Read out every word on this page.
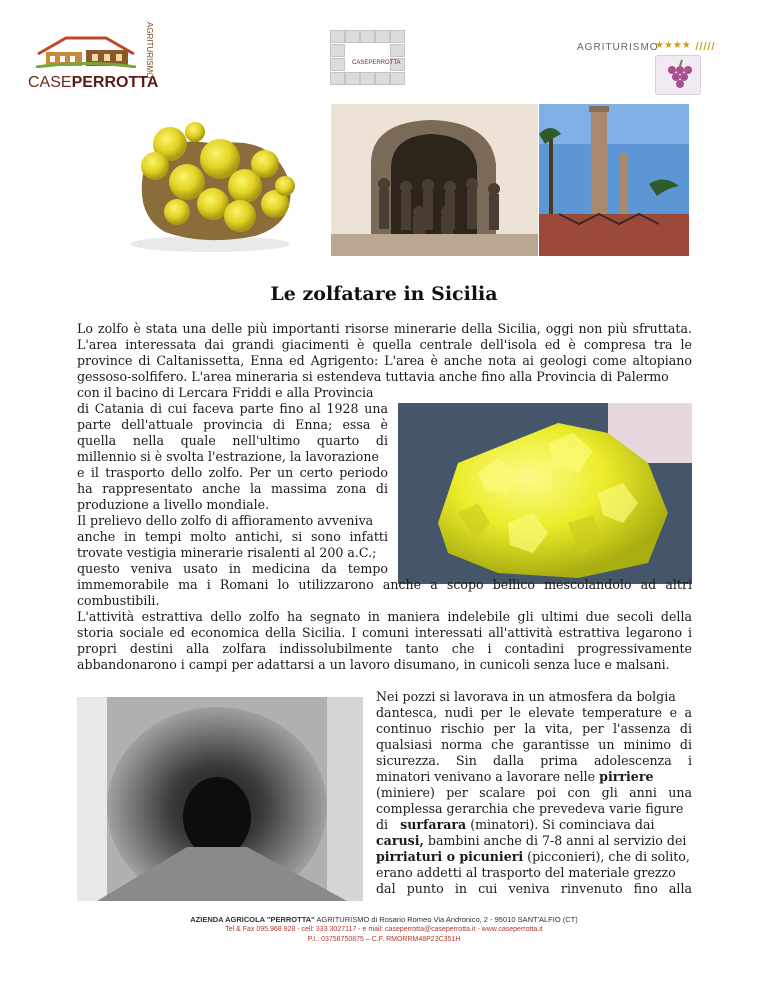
CASEPERROTTA
AGRITURISMO	CASEPERROTTA
AGRITURISMO
★★★★
Le zolfatare in Sicilia
Lo zolfo è stata una delle più importanti risorse minerarie della Sicilia, oggi non più sfruttata.
L'area interessata dai grandi giacimenti è quella centrale dell'isola ed è compresa tra le
province di Caltanissetta, Enna ed Agrigento: L'area è anche nota ai geologi come altopiano
gessoso-solfifero. L'area mineraria si estendeva tuttavia anche fino alla Provincia di Palermo
con il bacino di Lercara Friddi e alla Provincia
di Catania di cui faceva parte fino al 1928 una
parte dell'attuale provincia di Enna; essa è
quella nella quale nell'ultimo quarto di
millennio si è svolta l'estrazione, la lavorazione
e il trasporto dello zolfo. Per un certo periodo
ha rappresentato anche la massima zona di
produzione a livello mondiale.
Il prelievo dello zolfo di affioramento avveniva
anche in tempi molto antichi, si sono infatti
trovate vestigia minerarie risalenti al 200 a.C.;
questo veniva usato in medicina da tempo
immemorabile ma i Romani lo utilizzarono anche a scopo bellico mescolandolo ad altri
combustibili.
L'attività estrattiva dello zolfo ha segnato in maniera indelebile gli ultimi due secoli della
storia sociale ed economica della Sicilia. I comuni interessati all'attività estrattiva legarono i
propri destini alla zolfara indissolubilmente tanto che i contadini progressivamente
abbandonarono i campi per adattarsi a un lavoro disumano, in cunicoli senza luce e malsani.
Nei pozzi si lavorava in un atmosfera da bolgia
dantesca, nudi per le elevate temperature e a
continuo rischio per la vita, per l'assenza di
qualsiasi norma che garantisse un minimo di
sicurezza. Sin dalla prima adolescenza i
minatori venivano a lavorare nelle pirriere
(miniere) per scalare poi con gli anni una
complessa gerarchia che prevedeva varie figure
di surfarara (minatori). Si cominciava dai
carusi, bambini anche di 7-8 anni al servizio dei
pirriaturi o picunieri (picconieri), che di solito,
erano addetti al trasporto del materiale grezzo
dal punto in cui veniva rinvenuto fino alla
AZIENDA AGRICOLA "PERROTTA" AGRITURISMO di Rosario Romeo Via Andronico, 2 - 95010 SANT'ALFIO (CT)
Tel & Fax 095.968 928 - cell: 333 3027117 - e mail: caseperrotta@caseperrotta.it - www.caseperrotta.it
P.I.: 03758750875 – C.F. RMORRM48P23C351H
